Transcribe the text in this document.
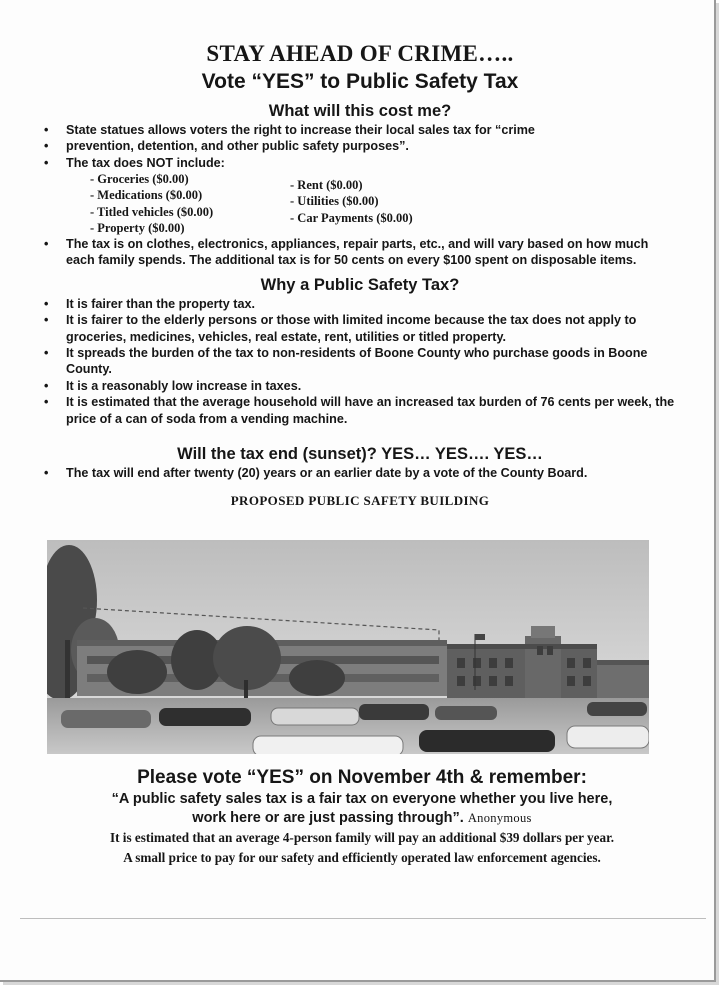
STAY AHEAD OF CRIME…..
Vote “YES” to Public Safety Tax
What will this cost me?
• State statues allows voters the right to increase their local sales tax for “crime
• prevention, detention, and other public safety purposes”.
• The tax does NOT include:
- Groceries ($0.00)
- Medications ($0.00)
- Titled vehicles ($0.00)
- Property ($0.00)
- Rent ($0.00)
- Utilities ($0.00)
- Car Payments ($0.00)
• The tax is on clothes, electronics, appliances, repair parts, etc., and will vary based on how much each family spends. The additional tax is for 50 cents on every $100 spent on disposable items.
Why a Public Safety Tax?
• It is fairer than the property tax.
• It is fairer to the elderly persons or those with limited income because the tax does not apply to groceries, medicines, vehicles, real estate, rent, utilities or titled property.
• It spreads the burden of the tax to non-residents of Boone County who purchase goods in Boone County.
• It is a reasonably low increase in taxes.
• It is estimated that the average household will have an increased tax burden of 76 cents per week, the price of a can of soda from a vending machine.
Will the tax end (sunset)? YES… YES…. YES…
• The tax will end after twenty (20) years or an earlier date by a vote of the County Board.
PROPOSED PUBLIC SAFETY BUILDING
Please vote “YES” on November 4th & remember:
“A public safety sales tax is a fair tax on everyone whether you live here,
work here or are just passing through”. Anonymous
It is estimated that an average 4-person family will pay an additional $39 dollars per year.
A small price to pay for our safety and efficiently operated law enforcement agencies.
